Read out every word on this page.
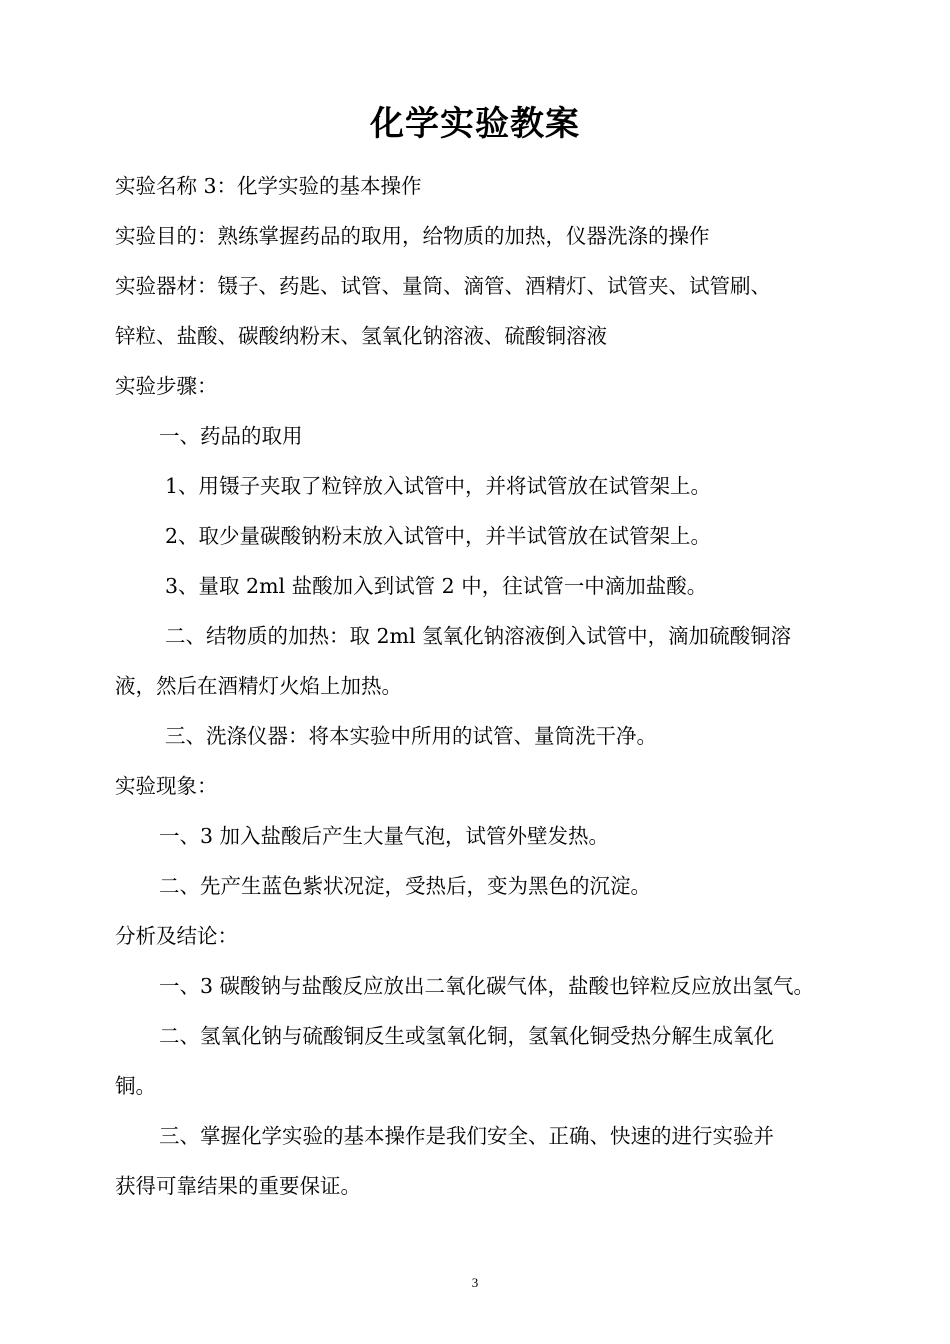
化学实验教案
实验名称 3：化学实验的基本操作
实验目的：熟练掌握药品的取用，给物质的加热，仪器洗涤的操作
实验器材：镊子、药匙、试管、量筒、滴管、酒精灯、试管夹、试管刷、
锌粒、盐酸、碳酸纳粉末、氢氧化钠溶液、硫酸铜溶液
实验步骤：
一、药品的取用
1、用镊子夹取了粒锌放入试管中，并将试管放在试管架上。
2、取少量碳酸钠粉末放入试管中，并半试管放在试管架上。
3、量取 2ml 盐酸加入到试管 2 中，往试管一中滴加盐酸。
二、结物质的加热：取 2ml 氢氧化钠溶液倒入试管中，滴加硫酸铜溶
液，然后在酒精灯火焰上加热。
三、洗涤仪器：将本实验中所用的试管、量筒洗干净。
实验现象：
一、3 加入盐酸后产生大量气泡，试管外壁发热。
二、先产生蓝色紫状况淀，受热后，变为黑色的沉淀。
分析及结论：
一、3 碳酸钠与盐酸反应放出二氧化碳气体，盐酸也锌粒反应放出氢气。
二、氢氧化钠与硫酸铜反生或氢氧化铜，氢氧化铜受热分解生成氧化
铜。
三、掌握化学实验的基本操作是我们安全、正确、快速的进行实验并
获得可靠结果的重要保证。
3
